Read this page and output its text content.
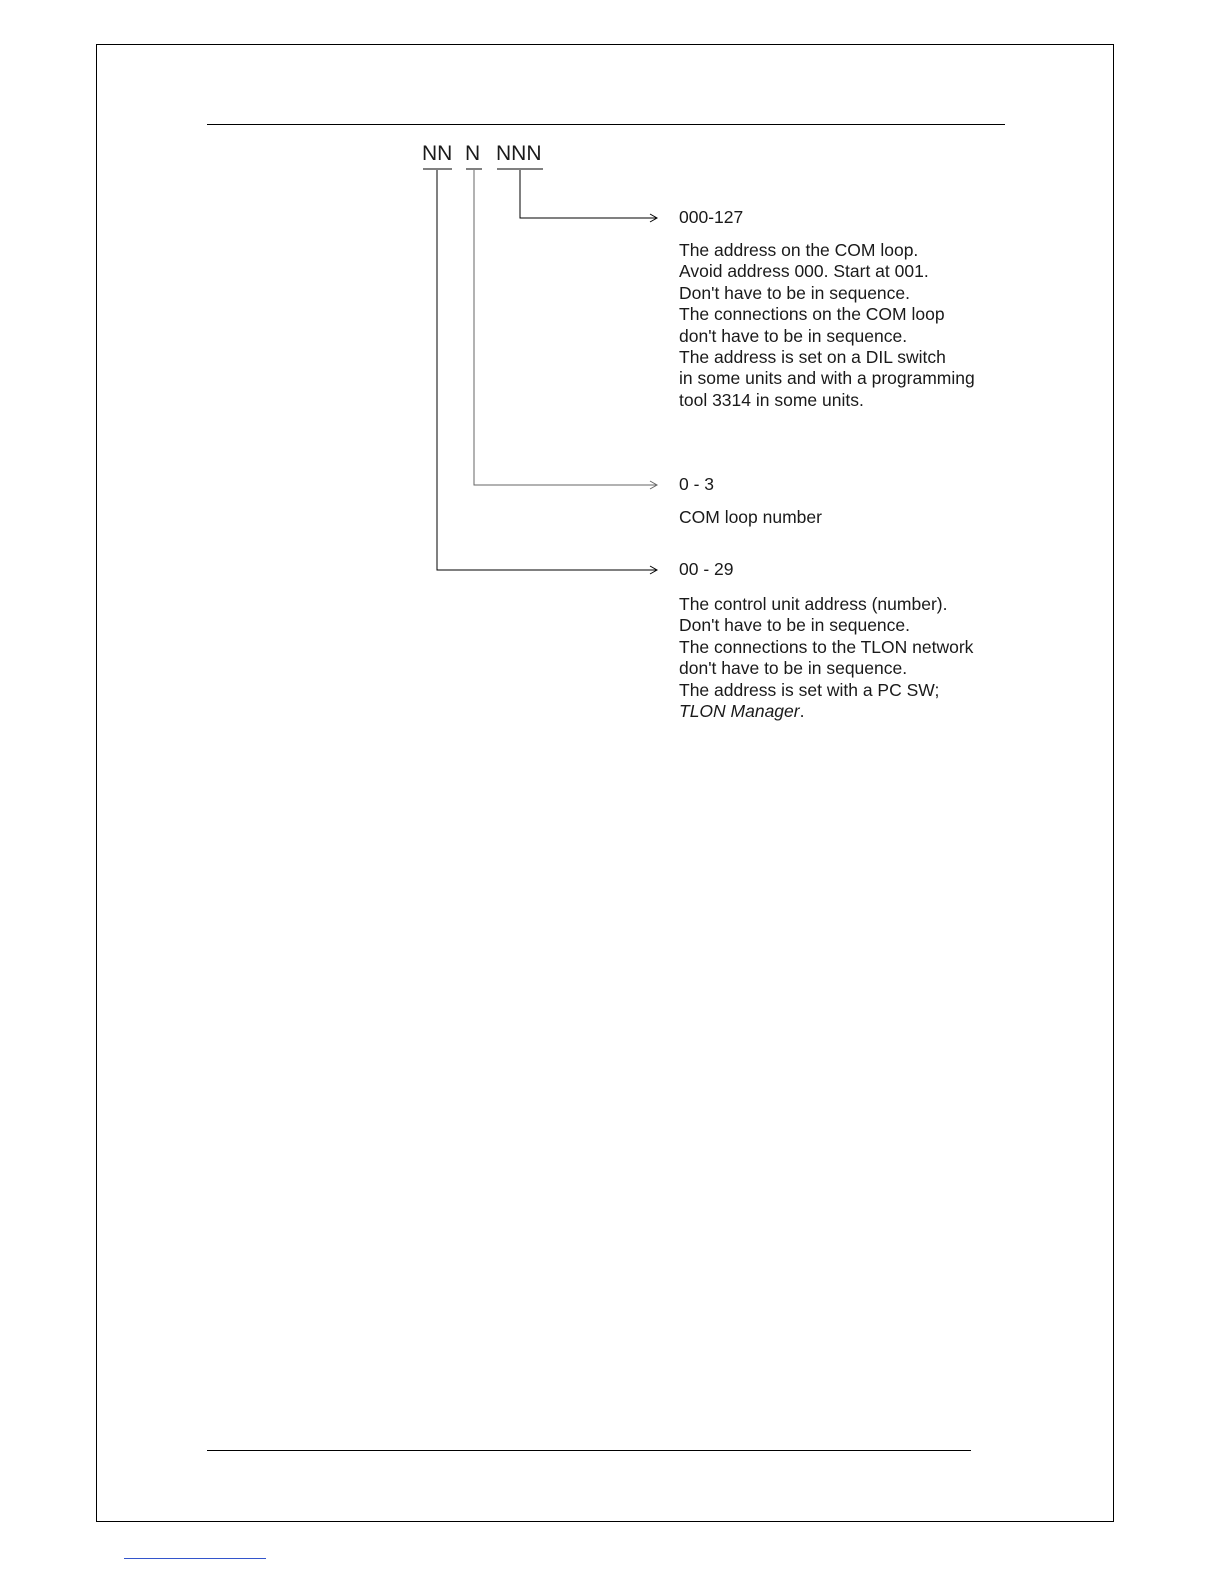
NN N NNN
000-127
The address on the COM loop.
Avoid address 000. Start at 001.
Don't have to be in sequence.
The connections on the COM loop
don't have to be in sequence.
The address is set on a DIL switch
in some units and with a programming
tool 3314 in some units.
0 - 3
COM loop number
00 - 29
The control unit address (number).
Don't have to be in sequence.
The connections to the TLON network
don't have to be in sequence.
The address is set with a PC SW;
TLON Manager.
